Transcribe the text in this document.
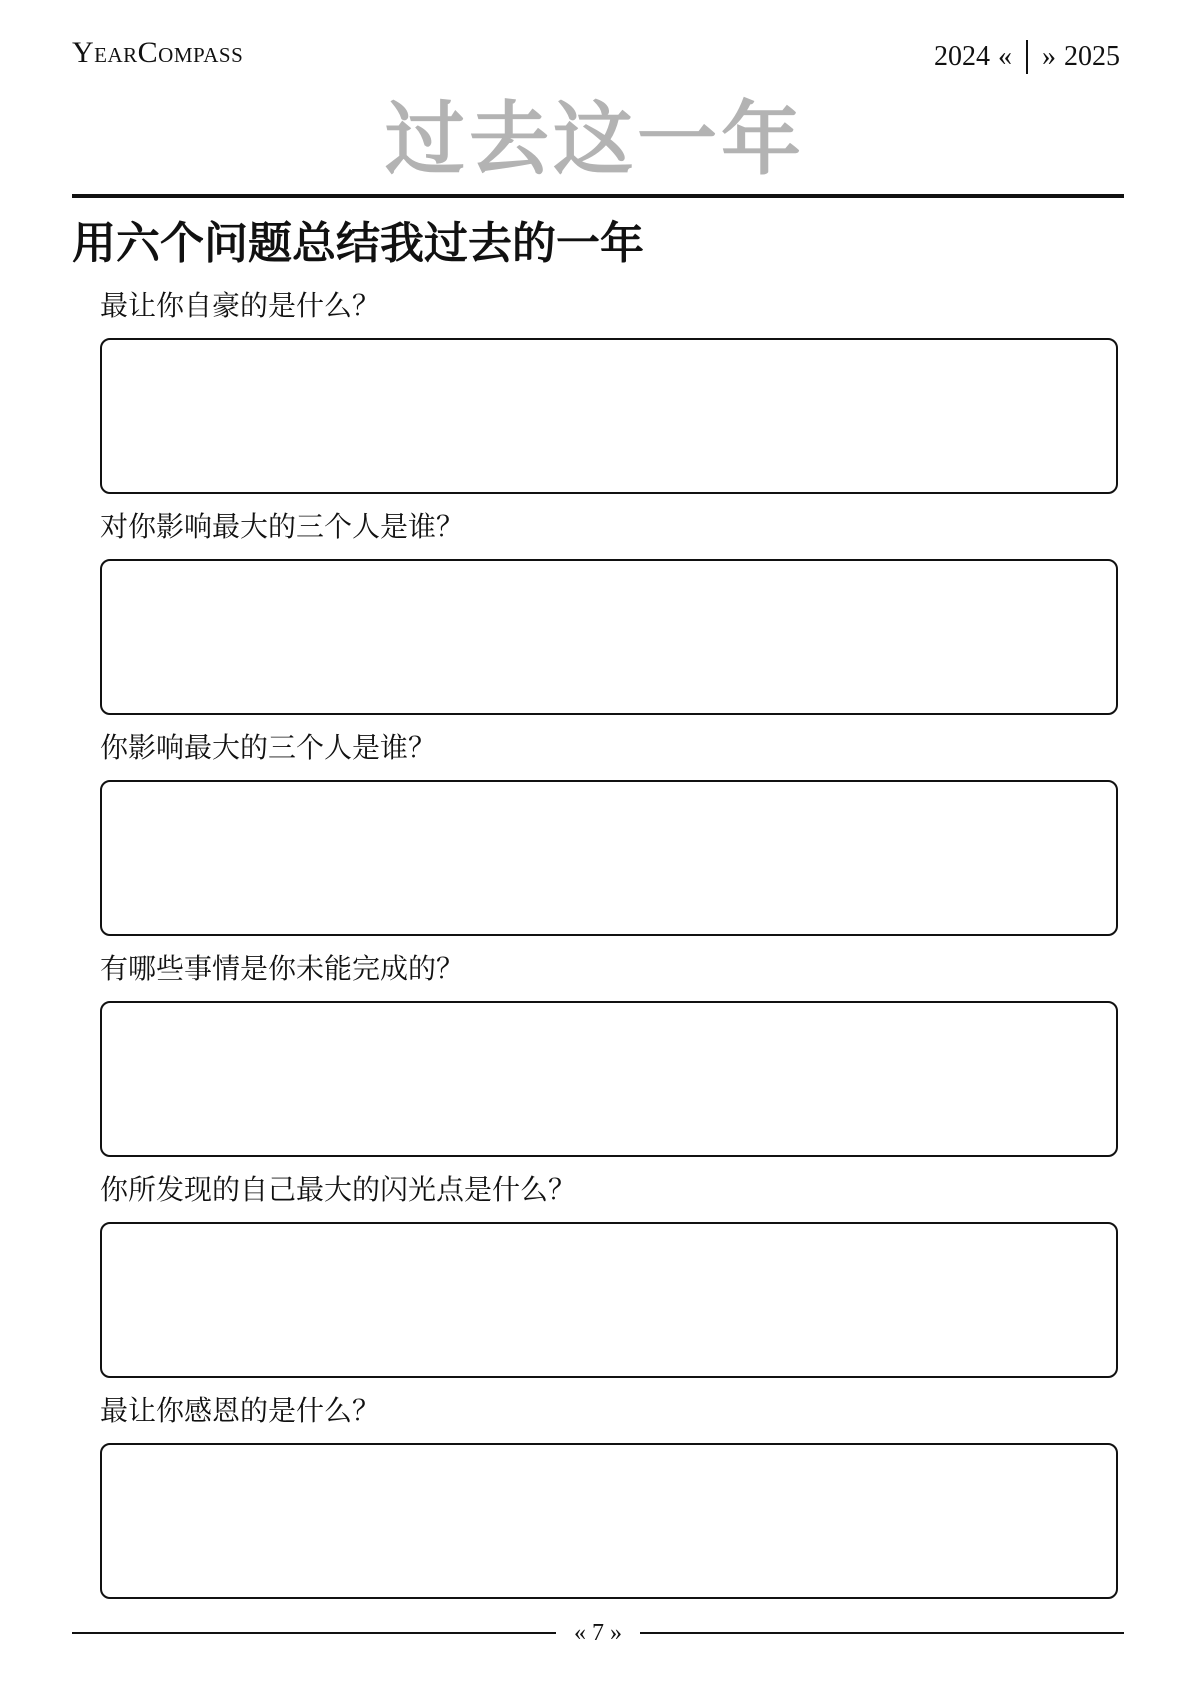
YearCompass	2024 « » 2025
过去这一年
用六个问题总结我过去的一年
最让你自豪的是什么？
对你影响最大的三个人是谁？
你影响最大的三个人是谁？
有哪些事情是你未能完成的？
你所发现的自己最大的闪光点是什么？
最让你感恩的是什么？
« 7 »
